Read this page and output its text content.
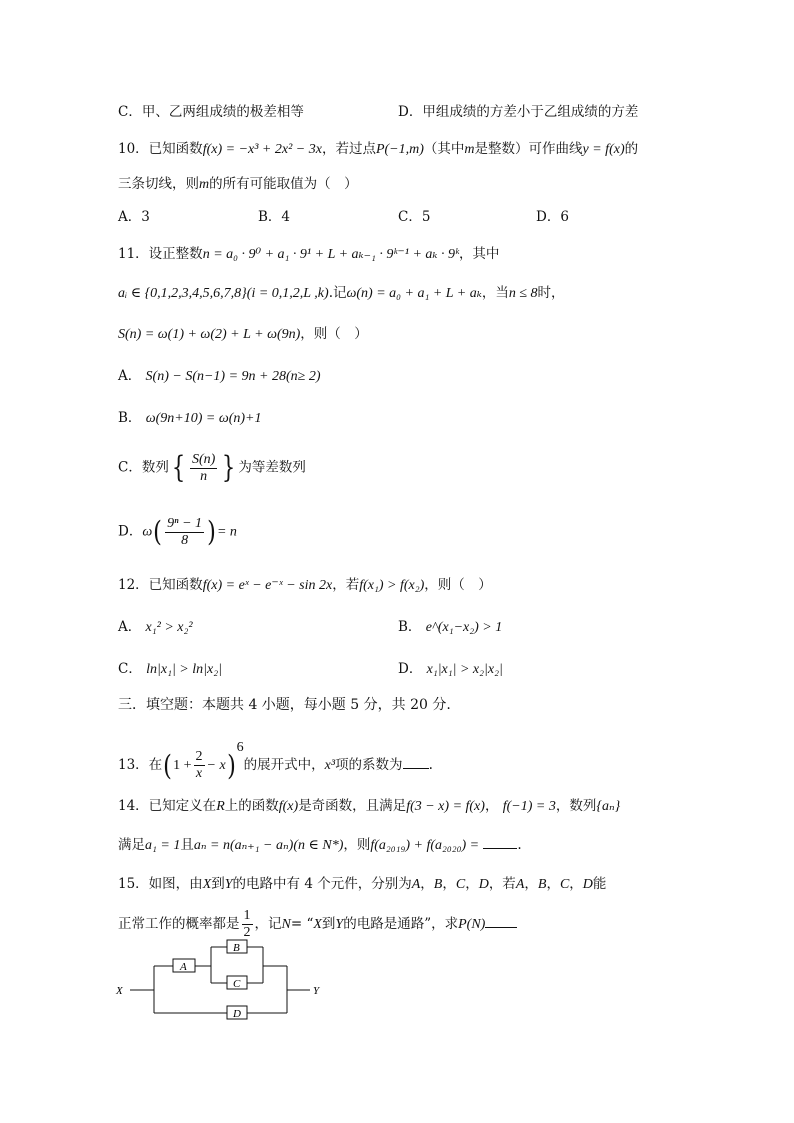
C．甲、乙两组成绩的极差相等	D．甲组成绩的方差小于乙组成绩的方差
10．已知函数f(x) = −x³ + 2x² − 3x，若过点P(−1,m)（其中m是整数）可作曲线y = f(x)的
三条切线，则m的所有可能取值为（　）
A．3	B．4	C．5	D．6
11．设正整数n = a₀ · 9⁰ + a₁ · 9¹ + L + aₖ₋₁ · 9ᵏ⁻¹ + aₖ · 9ᵏ，其中
aᵢ ∈ {0,1,2,3,4,5,6,7,8}(i = 0,1,2,L ,k).记ω(n) = a₀ + a₁ + L + aₖ，当n ≤ 8时，
S(n) = ω(1) + ω(2) + L + ω(9n)，则（　）
A． S(n) − S(n−1) = 9n + 28(n≥ 2)
B． ω(9n+10) = ω(n)+1
C．数列{ $\frac{S(n)}{n}$ } 为等差数列
D．$\omega( \frac{\text{9ⁿ − 1}}{8}$ )= n
12．已知函数f(x) = eˣ − e⁻ˣ − sin 2x，若f(x₁) > f(x₂)，则（　）
A． x₁² > x₂²	B． e^(x₁−x₂) > 1
C． ln|x₁| > ln|x₂|	D． x₁|x₁| > x₂|x₂|
三．填空题：本题共 4 小题，每小题 5 分，共 20 分.
13．在$(1 + \frac{2}{x} - x)^6$的展开式中，x³项的系数为 .
14．已知定义在R上的函数f(x)是奇函数，且满足f(3 − x) = f(x)， f(−1) = 3，数列{aₙ}
满足a₁ = 1且aₙ = n(aₙ₊₁ − aₙ)(n ∈ N*)，则f(a₂₀₁₉) + f(a₂₀₂₀) =	.
15．如图，由X到Y的电路中有 4 个元件，分别为A，B，C，D，若A，B，C，D能
正常工作的概率都是 $\frac{1}{2}$ ，记N= “X到Y的电路是通路”，求P(N)
X	Y
A
B
C
D
